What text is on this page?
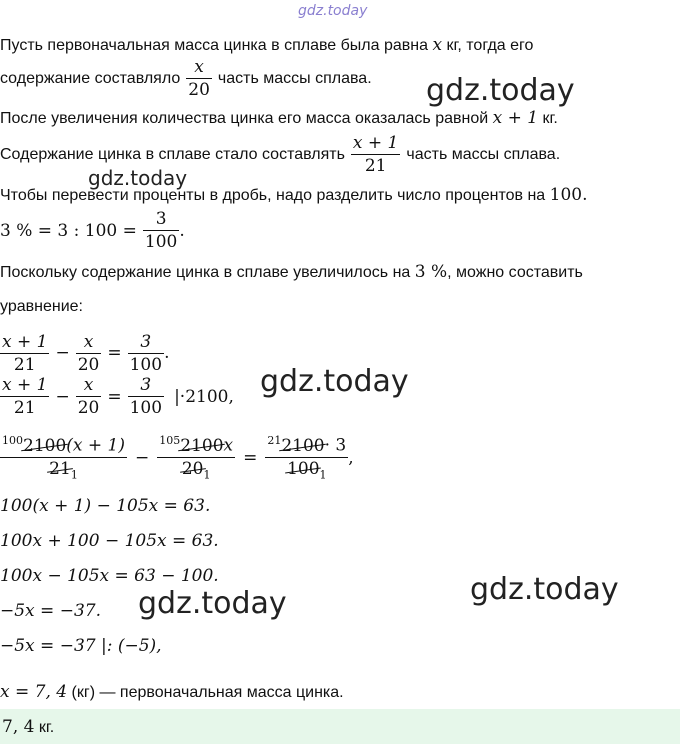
gdz.today
Пусть первоначальная масса цинка в сплаве была равна x кг, тогда его
содержание составляло $\frac{x}{20}$ часть массы сплава. gdz.today
После увеличения количества цинка его масса оказалась равной x + 1 кг.
Содержание цинка в сплаве стало составлять $\frac{x + 1}{21}$ часть массы сплава.
gdz.today
Чтобы перевести проценты в дробь, надо разделить число процентов на 100.
3 % = 3 : $100 = \frac{3}{100}$ .
Поскольку содержание цинка в сплаве увеличилось на 3 %, можно составить
уравнение:
$\frac{x + 1}{21} - \frac{x}{20} = \frac{3}{100}$ .
$\frac{x + 1}{21} - \frac{x}{20} = \frac{3}{100} |\cdot 2100$, gdz.today
$\frac{^{100}2100(x + 1)}{21_1} - \frac{^{105}2100x}{20_1} = \frac{^{21}2100\cdot 3}{100_1}$ ,
100(x + 1) − 105x = 63.
100x + 100 − 105x = 63.
100x − 105x = 63 − 100.
−5x = −37.
gdz.today
gdz.today
−5x = −37 |: (−5),
x = 7, 4 (кг) — первоначальная масса цинка.
7, 4 кг.
